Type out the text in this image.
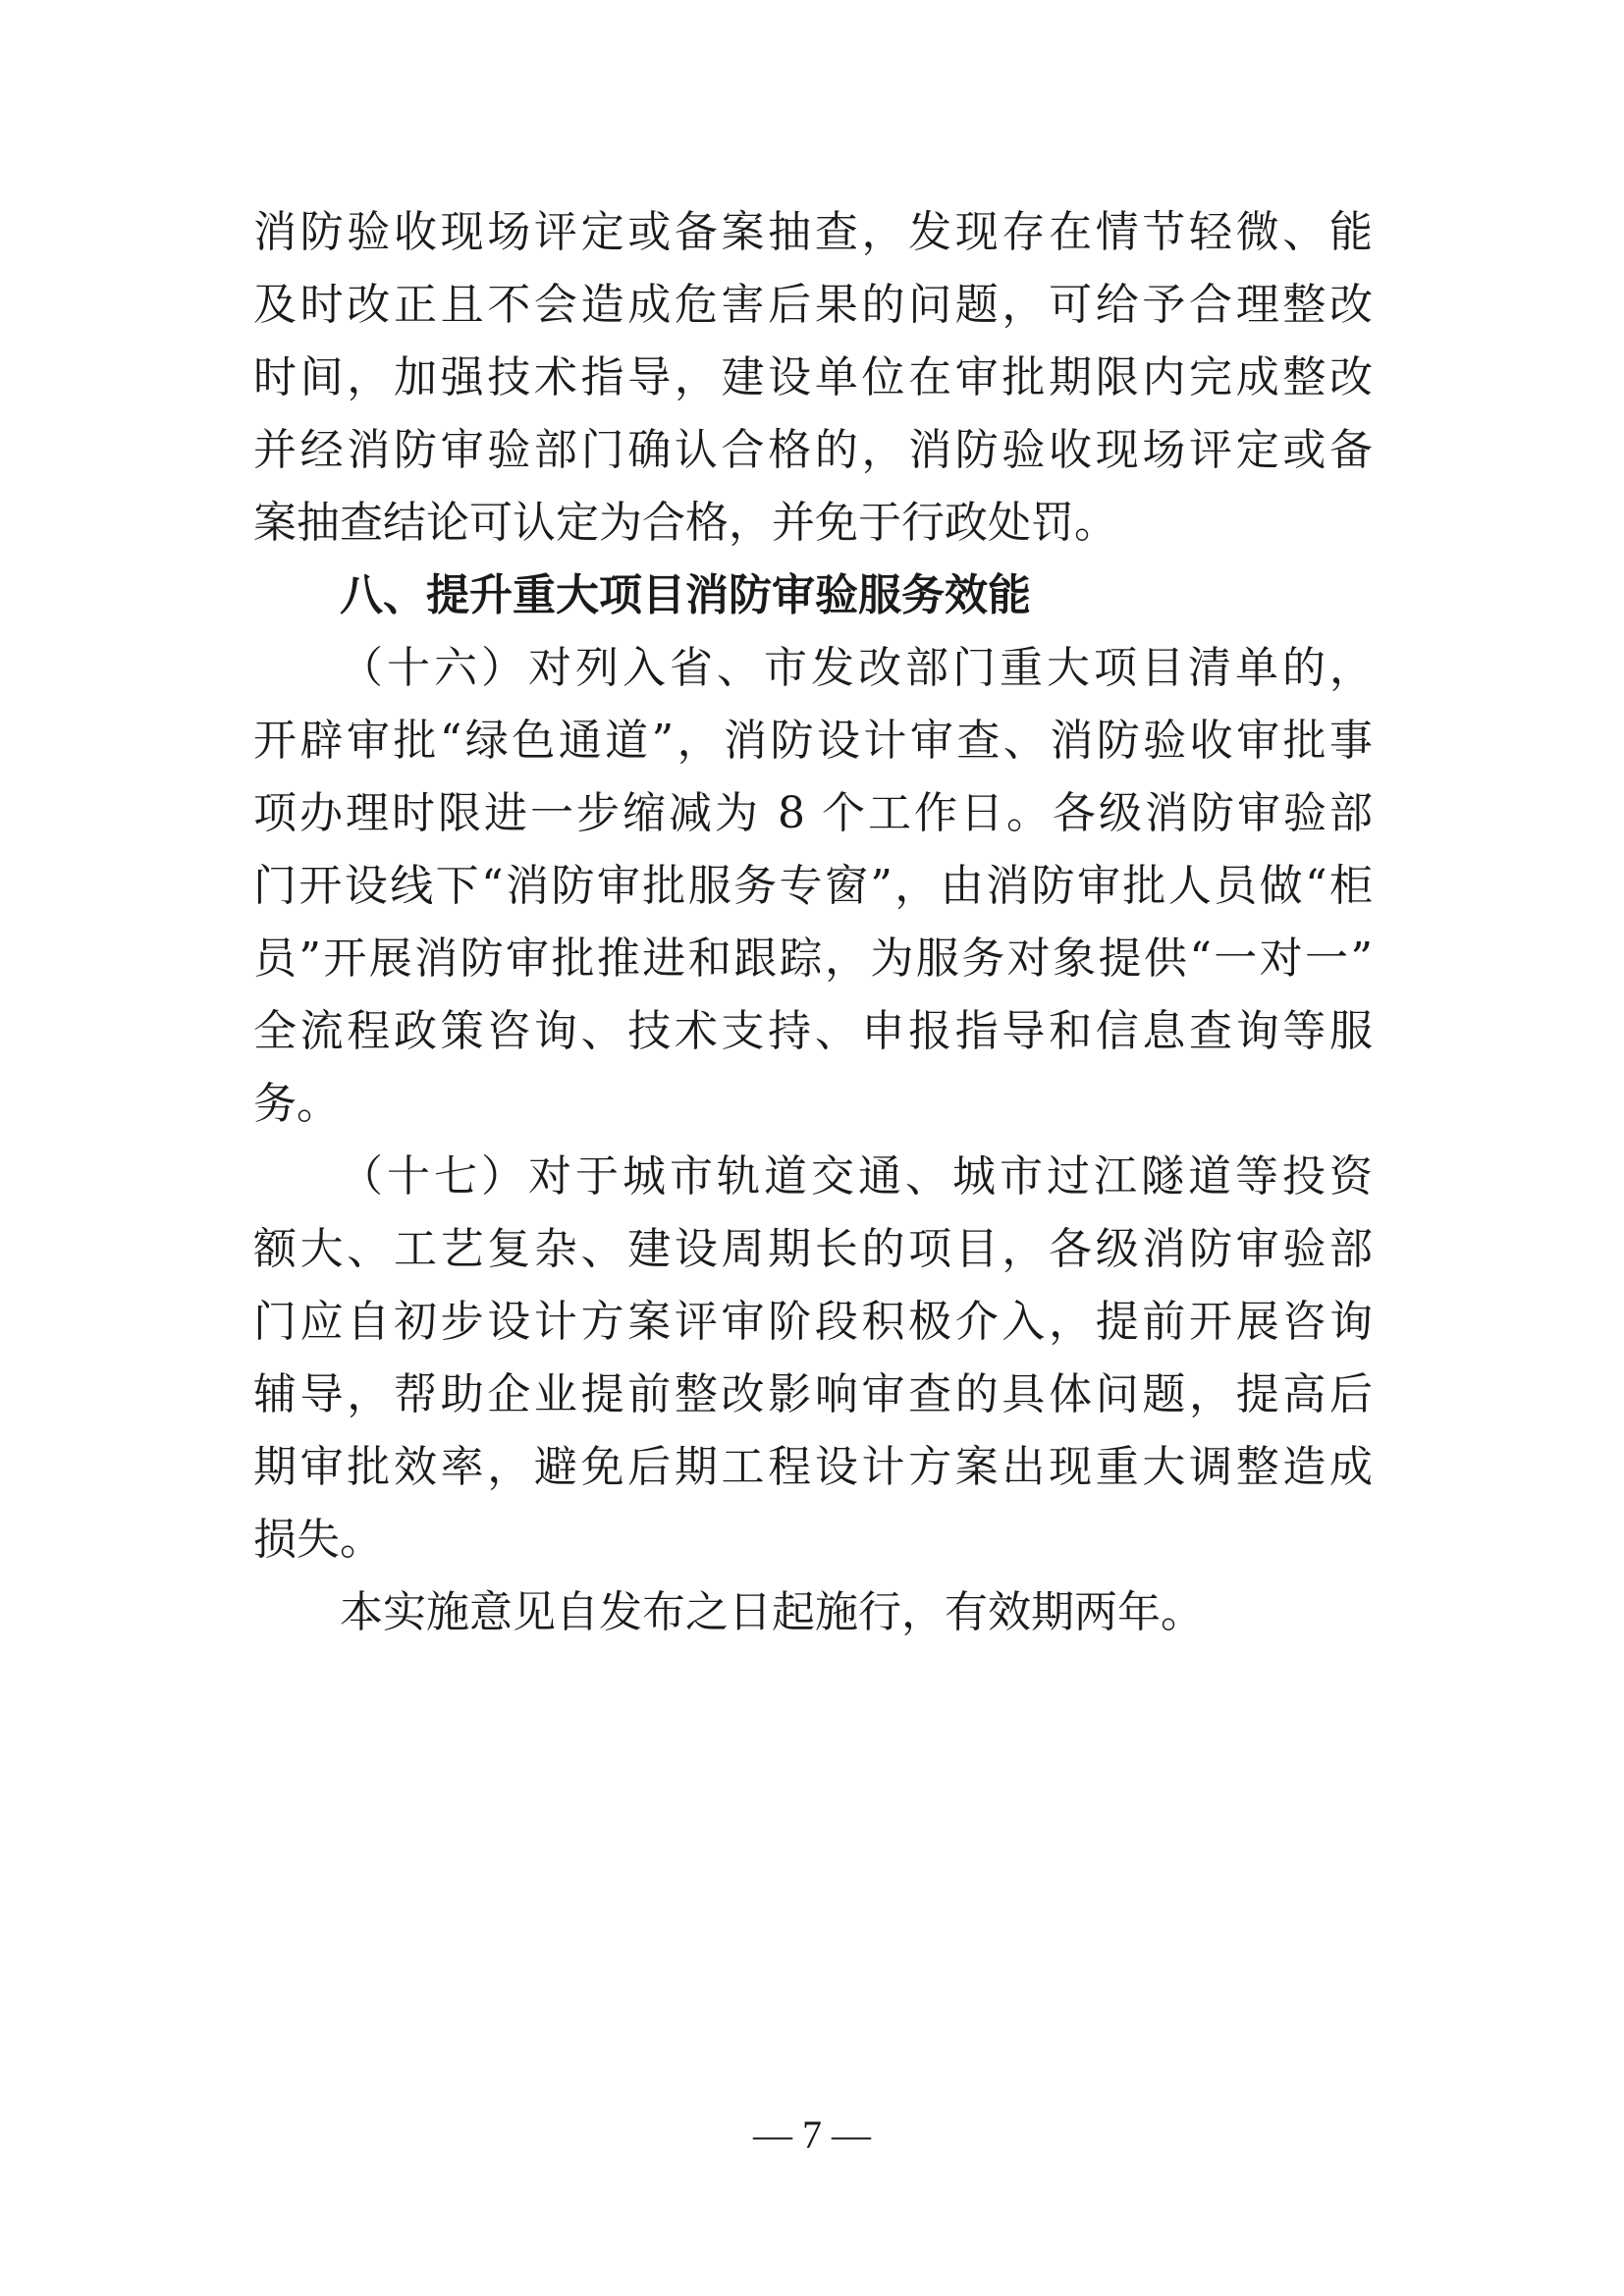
消防验收现场评定或备案抽查，发现存在情节轻微、能
及时改正且不会造成危害后果的问题，可给予合理整改
时间，加强技术指导，建设单位在审批期限内完成整改
并经消防审验部门确认合格的，消防验收现场评定或备
案抽查结论可认定为合格，并免于行政处罚。
八、提升重大项目消防审验服务效能
（十六）对列入省、市发改部门重大项目清单的，
开辟审批“绿色通道”，消防设计审查、消防验收审批事
项办理时限进一步缩减为 8 个工作日。各级消防审验部
门开设线下“消防审批服务专窗”，由消防审批人员做“柜
员”开展消防审批推进和跟踪，为服务对象提供“一对一”
全流程政策咨询、技术支持、申报指导和信息查询等服
务。
（十七）对于城市轨道交通、城市过江隧道等投资
额大、工艺复杂、建设周期长的项目，各级消防审验部
门应自初步设计方案评审阶段积极介入，提前开展咨询
辅导，帮助企业提前整改影响审查的具体问题，提高后
期审批效率，避免后期工程设计方案出现重大调整造成
损失。
本实施意见自发布之日起施行，有效期两年。
— 7 —
